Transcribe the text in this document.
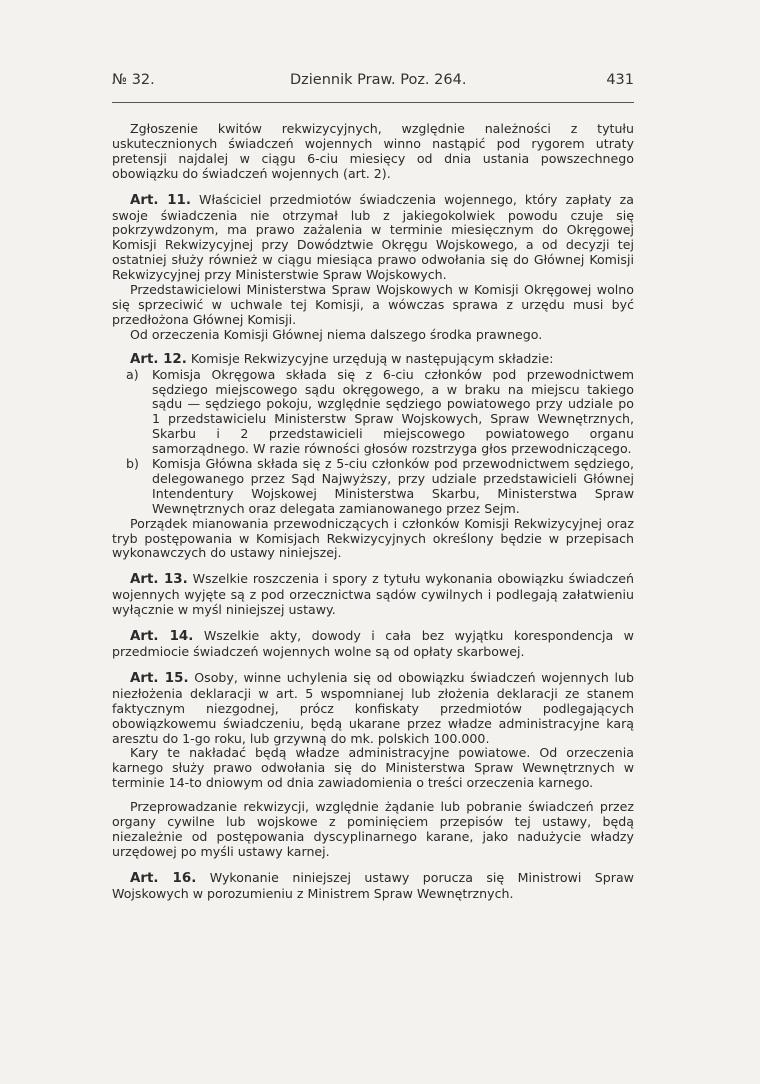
№ 32.	Dziennik Praw. Poz. 264.	431

Zgłoszenie kwitów rekwizycyjnych, względnie należności z tytułu uskutecznionych świadczeń wojennych winno nastąpić pod rygorem utraty pretensji najdalej w ciągu 6-ciu miesięcy od dnia ustania powszechnego obowiązku do świadczeń wojennych (art. 2).

Art. 11. Właściciel przedmiotów świadczenia wojennego, który zapłaty za swoje świadczenia nie otrzymał lub z jakiegokolwiek powodu czuje się pokrzywdzonym, ma prawo zażalenia w terminie miesięcznym do Okręgowej Komisji Rekwizycyjnej przy Dowództwie Okręgu Wojskowego, a od decyzji tej ostatniej służy również w ciągu miesiąca prawo odwołania się do Głównej Komisji Rekwizycyjnej przy Ministerstwie Spraw Wojskowych.

Przedstawicielowi Ministerstwa Spraw Wojskowych w Komisji Okręgowej wolno się sprzeciwić w uchwale tej Komisji, a wówczas sprawa z urzędu musi być przedłożona Głównej Komisji.

Od orzeczenia Komisji Głównej niema dalszego środka prawnego.

Art. 12. Komisje Rekwizycyjne urzędują w następującym składzie:

a)	Komisja Okręgowa składa się z 6-ciu członków pod przewodnictwem sędziego miejscowego sądu okręgowego, a w braku na miejscu takiego sądu — sędziego pokoju, względnie sędziego powiatowego przy udziale po 1 przedstawicielu Ministerstw Spraw Wojskowych, Spraw Wewnętrznych, Skarbu i 2 przedstawicieli miejscowego powiatowego organu samorządnego. W razie równości głosów rozstrzyga głos przewodniczącego.
b)	Komisja Główna składa się z 5-ciu członków pod przewodnictwem sędziego, delegowanego przez Sąd Najwyższy, przy udziale przedstawicieli Głównej Intendentury Wojskowej Ministerstwa Skarbu, Ministerstwa Spraw Wewnętrznych oraz delegata zamianowanego przez Sejm.

Porządek mianowania przewodniczących i członków Komisji Rekwizycyjnej oraz tryb postępowania w Komisjach Rekwizycyjnych określony będzie w przepisach wykonawczych do ustawy niniejszej.

Art. 13. Wszelkie roszczenia i spory z tytułu wykonania obowiązku świadczeń wojennych wyjęte są z pod orzecznictwa sądów cywilnych i podlegają załatwieniu wyłącznie w myśl niniejszej ustawy.

Art. 14. Wszelkie akty, dowody i cała bez wyjątku korespondencja w przedmiocie świadczeń wojennych wolne są od opłaty skarbowej.

Art. 15. Osoby, winne uchylenia się od obowiązku świadczeń wojennych lub niezłożenia deklaracji w art. 5 wspomnianej lub złożenia deklaracji ze stanem faktycznym niezgodnej, prócz konfiskaty przedmiotów podlegających obowiązkowemu świadczeniu, będą ukarane przez władze administracyjne karą aresztu do 1-go roku, lub grzywną do mk. polskich 100.000.

Kary te nakładać będą władze administracyjne powiatowe. Od orzeczenia karnego służy prawo odwołania się do Ministerstwa Spraw Wewnętrznych w terminie 14-to dniowym od dnia zawiadomienia o treści orzeczenia karnego.

Przeprowadzanie rekwizycji, względnie żądanie lub pobranie świadczeń przez organy cywilne lub wojskowe z pominięciem przepisów tej ustawy, będą niezależnie od postępowania dyscyplinarnego karane, jako nadużycie władzy urzędowej po myśli ustawy karnej.

Art. 16. Wykonanie niniejszej ustawy porucza się Ministrowi Spraw Wojskowych w porozumieniu z Ministrem Spraw Wewnętrznych.
